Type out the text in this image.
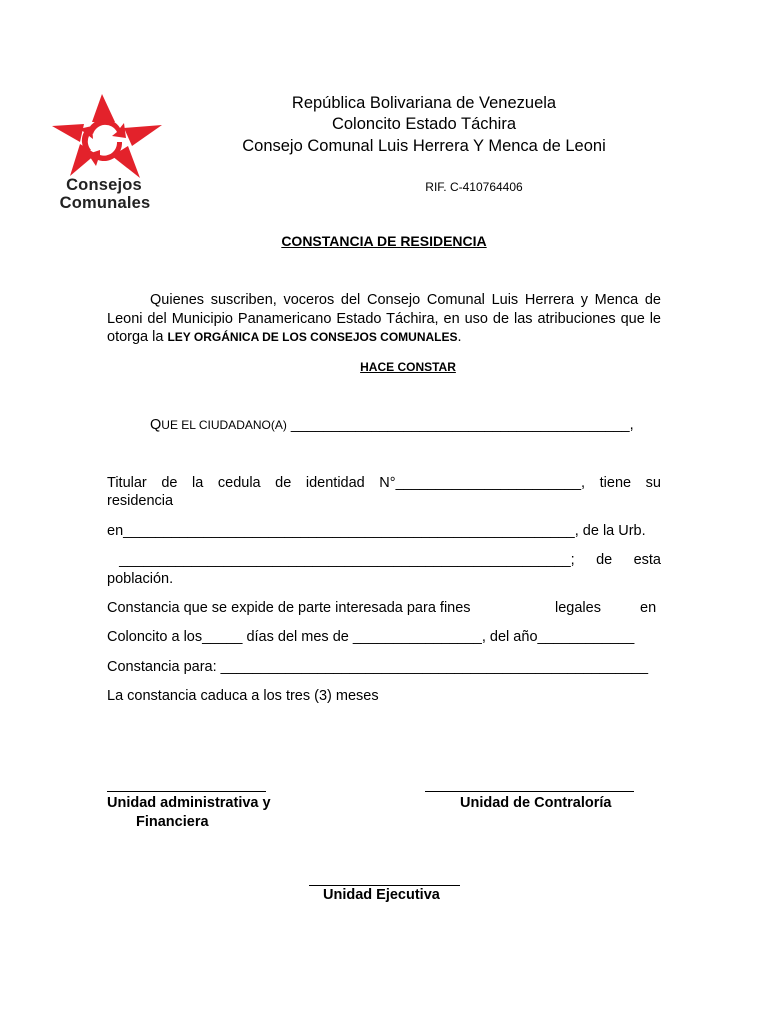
Consejos
Comunales
República Bolivariana de Venezuela
Coloncito Estado Táchira
Consejo Comunal Luis Herrera Y Menca de Leoni
RIF. C-410764406
CONSTANCIA DE RESIDENCIA
Quienes suscriben, voceros del Consejo Comunal Luis Herrera y Menca de Leoni del Municipio Panamericano Estado Táchira, en uso de las atribuciones que le otorga la LEY ORGÁNICA DE LOS CONSEJOS COMUNALES.
HACE CONSTAR
QUE EL CIUDADANO(A) __________________________________________,
Titular de la cedula de identidad N°_______________________, tiene su
residencia
en________________________________________________________, de la Urb.
________________________________________________________; de esta
población.
Constancia que se expide de parte interesada para fines	legales	en
Coloncito a los_____ días del mes de ________________, del año____________
Constancia para: _____________________________________________________
La constancia caduca a los tres (3) meses
Unidad administrativa y
Financiera
Unidad de Contraloría
Unidad Ejecutiva
